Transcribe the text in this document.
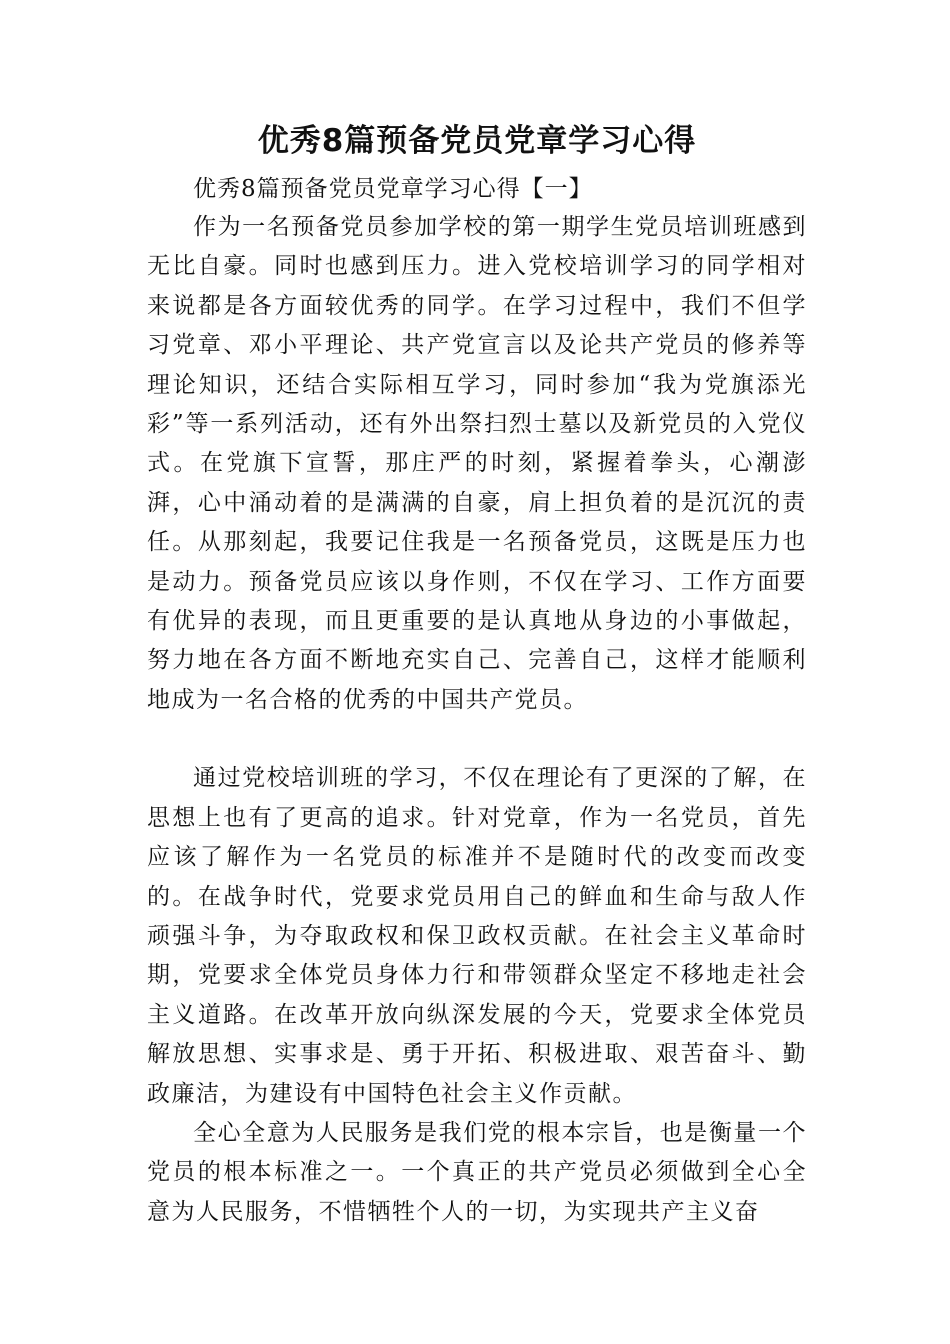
优秀8篇预备党员党章学习心得

优秀8篇预备党员党章学习心得【一】

作为一名预备党员参加学校的第一期学生党员培训班感到无比自豪。同时也感到压力。进入党校培训学习的同学相对来说都是各方面较优秀的同学。在学习过程中，我们不但学习党章、邓小平理论、共产党宣言以及论共产党员的修养等理论知识，还结合实际相互学习，同时参加“我为党旗添光彩”等一系列活动，还有外出祭扫烈士墓以及新党员的入党仪式。在党旗下宣誓，那庄严的时刻，紧握着拳头，心潮澎湃，心中涌动着的是满满的自豪，肩上担负着的是沉沉的责任。从那刻起，我要记住我是一名预备党员，这既是压力也是动力。预备党员应该以身作则，不仅在学习、工作方面要有优异的表现，而且更重要的是认真地从身边的小事做起，努力地在各方面不断地充实自己、完善自己，这样才能顺利地成为一名合格的优秀的中国共产党员。

通过党校培训班的学习，不仅在理论有了更深的了解，在思想上也有了更高的追求。针对党章，作为一名党员，首先应该了解作为一名党员的标准并不是随时代的改变而改变的。在战争时代，党要求党员用自己的鲜血和生命与敌人作顽强斗争，为夺取政权和保卫政权贡献。在社会主义革命时期，党要求全体党员身体力行和带领群众坚定不移地走社会主义道路。在改革开放向纵深发展的今天，党要求全体党员解放思想、实事求是、勇于开拓、积极进取、艰苦奋斗、勤政廉洁，为建设有中国特色社会主义作贡献。

全心全意为人民服务是我们党的根本宗旨，也是衡量一个党员的根本标准之一。一个真正的共产党员必须做到全心全意为人民服务，不惜牺牲个人的一切，为实现共产主义奋
